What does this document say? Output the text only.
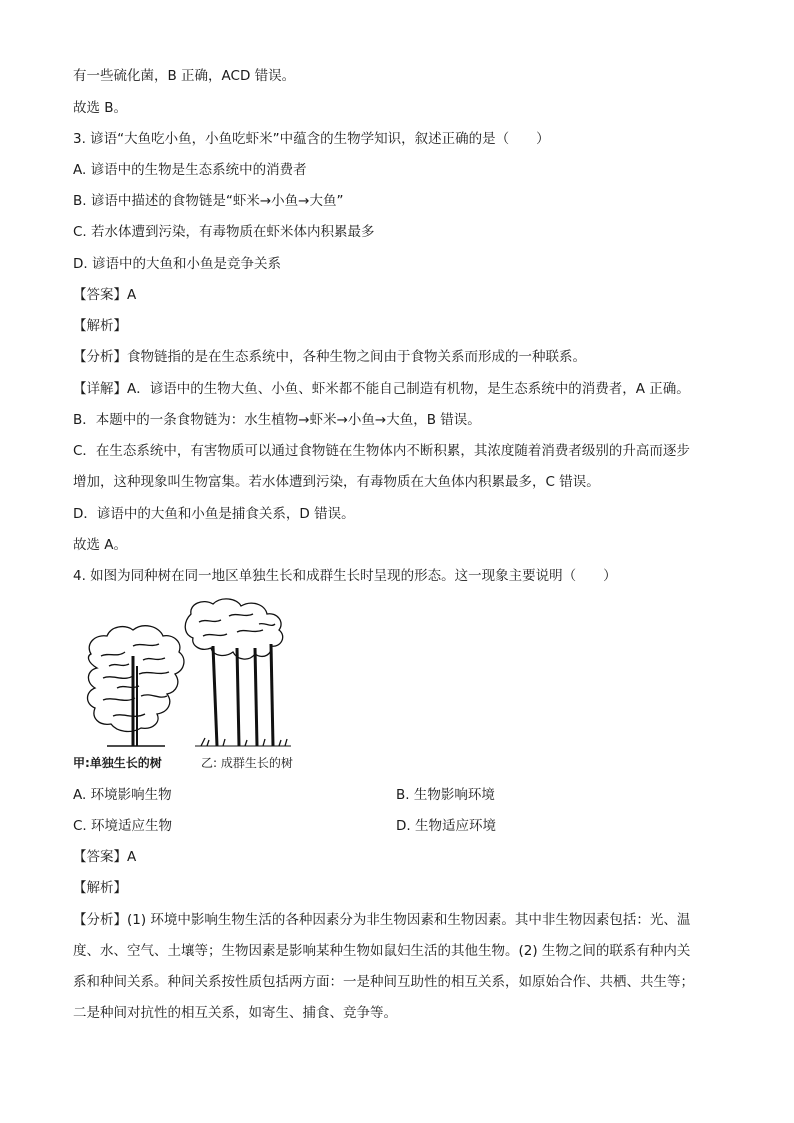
有一些硫化菌，B 正确，ACD 错误。
故选 B。
3. 谚语“大鱼吃小鱼，小鱼吃虾米”中蕴含的生物学知识，叙述正确的是（　　）
A. 谚语中的生物是生态系统中的消费者
B. 谚语中描述的食物链是“虾米→小鱼→大鱼”
C. 若水体遭到污染，有毒物质在虾米体内积累最多
D. 谚语中的大鱼和小鱼是竞争关系
【答案】A
【解析】
【分析】食物链指的是在生态系统中，各种生物之间由于食物关系而形成的一种联系。
【详解】A．谚语中的生物大鱼、小鱼、虾米都不能自己制造有机物，是生态系统中的消费者，A 正确。
B．本题中的一条食物链为：水生植物→虾米→小鱼→大鱼，B 错误。
C．在生态系统中，有害物质可以通过食物链在生物体内不断积累，其浓度随着消费者级别的升高而逐步
增加，这种现象叫生物富集。若水体遭到污染，有毒物质在大鱼体内积累最多，C 错误。
D．谚语中的大鱼和小鱼是捕食关系，D 错误。
故选 A。
4. 如图为同种树在同一地区单独生长和成群生长时呈现的形态。这一现象主要说明（　　）
甲:单独生长的树	乙: 成群生长的树
A. 环境影响生物	B. 生物影响环境
C. 环境适应生物	D. 生物适应环境
【答案】A
【解析】
【分析】(1) 环境中影响生物生活的各种因素分为非生物因素和生物因素。其中非生物因素包括：光、温
度、水、空气、土壤等；生物因素是影响某种生物如鼠妇生活的其他生物。(2) 生物之间的联系有种内关
系和种间关系。种间关系按性质包括两方面：一是种间互助性的相互关系，如原始合作、共栖、共生等；
二是种间对抗性的相互关系，如寄生、捕食、竞争等。
